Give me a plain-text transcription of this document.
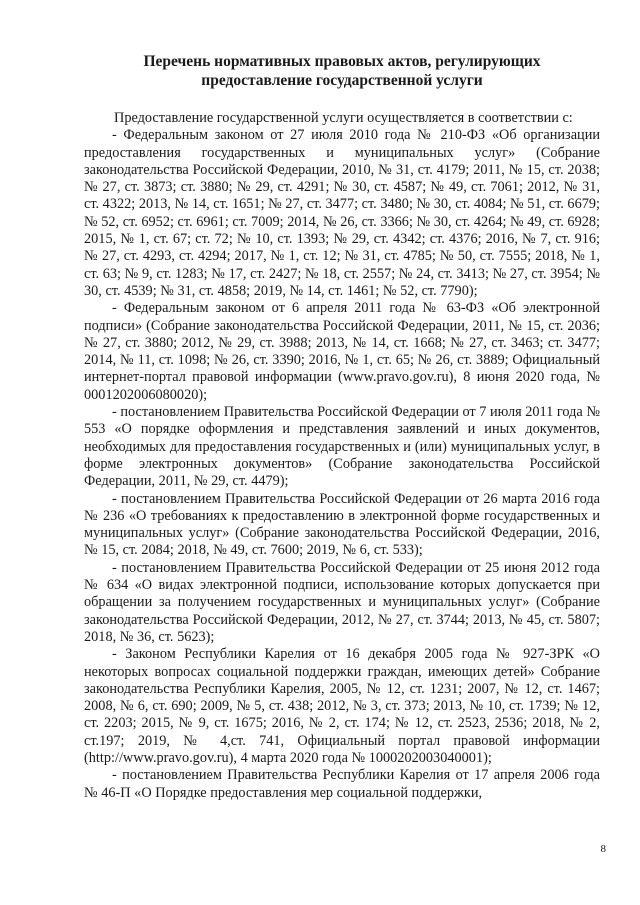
Перечень нормативных правовых актов, регулирующих предоставление государственной услуги

Предоставление государственной услуги осуществляется в соответствии с:

- Федеральным законом от 27 июля 2010 года № 210-ФЗ «Об организации предоставления государственных и муниципальных услуг» (Собрание законодательства Российской Федерации, 2010, № 31, ст. 4179; 2011, № 15, ст. 2038; № 27, ст. 3873; ст. 3880; № 29, ст. 4291; № 30, ст. 4587; № 49, ст. 7061; 2012, № 31, ст. 4322; 2013, № 14, ст. 1651; № 27, ст. 3477; ст. 3480; № 30, ст. 4084; № 51, ст. 6679; № 52, ст. 6952; ст. 6961; ст. 7009; 2014, № 26, ст. 3366; № 30, ст. 4264; № 49, ст. 6928; 2015, № 1, ст. 67; ст. 72; № 10, ст. 1393; № 29, ст. 4342; ст. 4376; 2016, № 7, ст. 916; № 27, ст. 4293, ст. 4294; 2017, № 1, ст. 12; № 31, ст. 4785; № 50, ст. 7555; 2018, № 1, ст. 63; № 9, ст. 1283; № 17, ст. 2427; № 18, ст. 2557; № 24, ст. 3413; № 27, ст. 3954; № 30, ст. 4539; № 31, ст. 4858; 2019, № 14, ст. 1461; № 52, ст. 7790);

- Федеральным законом от 6 апреля 2011 года № 63-ФЗ «Об электронной подписи» (Собрание законодательства Российской Федерации, 2011, № 15, ст. 2036; № 27, ст. 3880; 2012, № 29, ст. 3988; 2013, № 14, ст. 1668; № 27, ст. 3463; ст. 3477; 2014, № 11, ст. 1098; № 26, ст. 3390; 2016, № 1, ст. 65; № 26, ст. 3889; Официальный интернет-портал правовой информации (www.pravo.gov.ru), 8 июня 2020 года, № 0001202006080020);

- постановлением Правительства Российской Федерации от 7 июля 2011 года № 553 «О порядке оформления и представления заявлений и иных документов, необходимых для предоставления государственных и (или) муниципальных услуг, в форме электронных документов» (Собрание законодательства Российской Федерации, 2011, № 29, ст. 4479);

- постановлением Правительства Российской Федерации от 26 марта 2016 года № 236 «О требованиях к предоставлению в электронной форме государственных и муниципальных услуг» (Собрание законодательства Российской Федерации, 2016, № 15, ст. 2084; 2018, № 49, ст. 7600; 2019, № 6, ст. 533);

- постановлением Правительства Российской Федерации от 25 июня 2012 года № 634 «О видах электронной подписи, использование которых допускается при обращении за получением государственных и муниципальных услуг» (Собрание законодательства Российской Федерации, 2012, № 27, ст. 3744; 2013, № 45, ст. 5807; 2018, № 36, ст. 5623);

- Законом Республики Карелия от 16 декабря 2005 года № 927-ЗРК «О некоторых вопросах социальной поддержки граждан, имеющих детей» Собрание законодательства Республики Карелия, 2005, № 12, ст. 1231; 2007, № 12, ст. 1467; 2008, № 6, ст. 690; 2009, № 5, ст. 438; 2012, № 3, ст. 373; 2013, № 10, ст. 1739; № 12, ст. 2203; 2015, № 9, ст. 1675; 2016, № 2, ст. 174; № 12, ст. 2523, 2536; 2018, № 2, ст.197; 2019, № 4,ст. 741, Официальный портал правовой информации (http://www.pravo.gov.ru), 4 марта 2020 года № 1000202003040001);

- постановлением Правительства Республики Карелия от 17 апреля 2006 года № 46-П «О Порядке предоставления мер социальной поддержки,

8
